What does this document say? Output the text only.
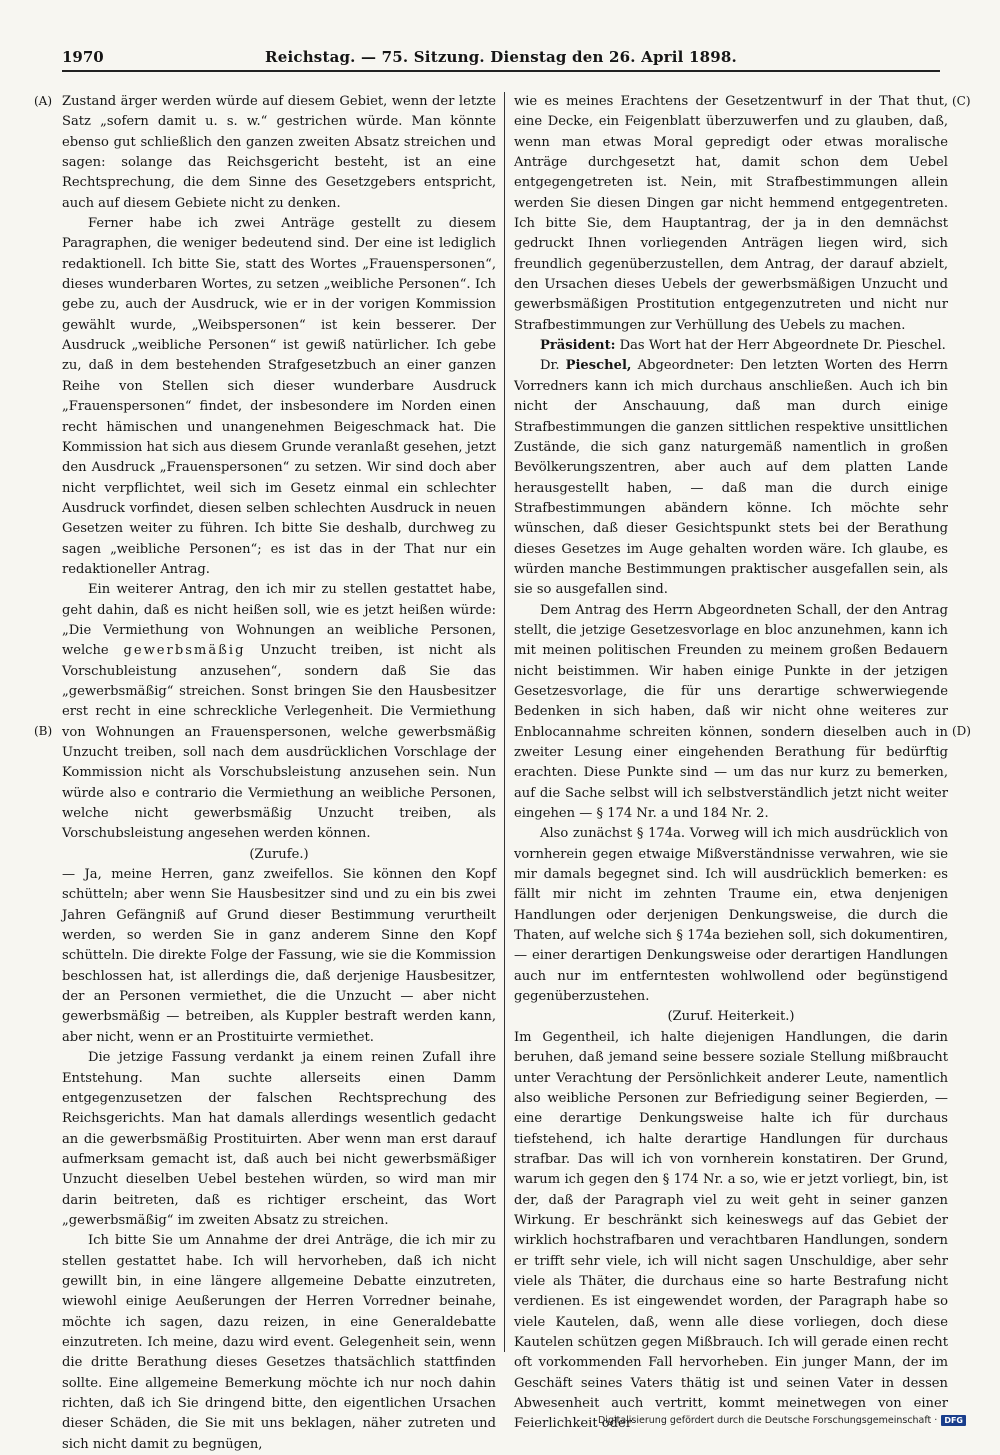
1970	Reichstag. — 75. Sitzung. Dienstag den 26. April 1898.
(A)
(B)
(C)
(D)

Zustand ärger werden würde auf diesem Gebiet, wenn der letzte Satz „sofern damit u. s. w.“ gestrichen würde. Man könnte ebenso gut schließlich den ganzen zweiten Absatz streichen und sagen: solange das Reichsgericht besteht, ist an eine Rechtsprechung, die dem Sinne des Gesetzgebers entspricht, auch auf diesem Gebiete nicht zu denken.

Ferner habe ich zwei Anträge gestellt zu diesem Paragraphen, die weniger bedeutend sind. Der eine ist lediglich redaktionell. Ich bitte Sie, statt des Wortes „Frauenspersonen“, dieses wunderbaren Wortes, zu setzen „weibliche Personen“. Ich gebe zu, auch der Ausdruck, wie er in der vorigen Kommission gewählt wurde, „Weibspersonen“ ist kein besserer. Der Ausdruck „weibliche Personen“ ist gewiß natürlicher. Ich gebe zu, daß in dem bestehenden Strafgesetzbuch an einer ganzen Reihe von Stellen sich dieser wunderbare Ausdruck „Frauenspersonen“ findet, der insbesondere im Norden einen recht hämischen und unangenehmen Beigeschmack hat. Die Kommission hat sich aus diesem Grunde veranlaßt gesehen, jetzt den Ausdruck „Frauenspersonen“ zu setzen. Wir sind doch aber nicht verpflichtet, weil sich im Gesetz einmal ein schlechter Ausdruck vorfindet, diesen selben schlechten Ausdruck in neuen Gesetzen weiter zu führen. Ich bitte Sie deshalb, durchweg zu sagen „weibliche Personen“; es ist das in der That nur ein redaktioneller Antrag.

Ein weiterer Antrag, den ich mir zu stellen gestattet habe, geht dahin, daß es nicht heißen soll, wie es jetzt heißen würde: „Die Vermiethung von Wohnungen an weibliche Personen, welche gewerbsmäßig Unzucht treiben, ist nicht als Vorschubleistung anzusehen“, sondern daß Sie das „gewerbsmäßig“ streichen. Sonst bringen Sie den Hausbesitzer erst recht in eine schreckliche Verlegenheit. Die Vermiethung von Wohnungen an Frauenspersonen, welche gewerbsmäßig Unzucht treiben, soll nach dem ausdrücklichen Vorschlage der Kommission nicht als Vorschubsleistung anzusehen sein. Nun würde also e contrario die Vermiethung an weibliche Personen, welche nicht gewerbsmäßig Unzucht treiben, als Vorschubsleistung angesehen werden können.

(Zurufe.)

— Ja, meine Herren, ganz zweifellos. Sie können den Kopf schütteln; aber wenn Sie Hausbesitzer sind und zu ein bis zwei Jahren Gefängniß auf Grund dieser Bestimmung verurtheilt werden, so werden Sie in ganz anderem Sinne den Kopf schütteln. Die direkte Folge der Fassung, wie sie die Kommission beschlossen hat, ist allerdings die, daß derjenige Hausbesitzer, der an Personen vermiethet, die die Unzucht — aber nicht gewerbsmäßig — betreiben, als Kuppler bestraft werden kann, aber nicht, wenn er an Prostituirte vermiethet.

Die jetzige Fassung verdankt ja einem reinen Zufall ihre Entstehung. Man suchte allerseits einen Damm entgegenzusetzen der falschen Rechtsprechung des Reichsgerichts. Man hat damals allerdings wesentlich gedacht an die gewerbsmäßig Prostituirten. Aber wenn man erst darauf aufmerksam gemacht ist, daß auch bei nicht gewerbsmäßiger Unzucht dieselben Uebel bestehen würden, so wird man mir darin beitreten, daß es richtiger erscheint, das Wort „gewerbsmäßig“ im zweiten Absatz zu streichen.

Ich bitte Sie um Annahme der drei Anträge, die ich mir zu stellen gestattet habe. Ich will hervorheben, daß ich nicht gewillt bin, in eine längere allgemeine Debatte einzutreten, wiewohl einige Aeußerungen der Herren Vorredner beinahe, möchte ich sagen, dazu reizen, in eine Generaldebatte einzutreten. Ich meine, dazu wird event. Gelegenheit sein, wenn die dritte Berathung dieses Gesetzes thatsächlich stattfinden sollte. Eine allgemeine Bemerkung möchte ich nur noch dahin richten, daß ich Sie dringend bitte, den eigentlichen Ursachen dieser Schäden, die Sie mit uns beklagen, näher zutreten und sich nicht damit zu begnügen,

wie es meines Erachtens der Gesetzentwurf in der That thut, eine Decke, ein Feigenblatt überzuwerfen und zu glauben, daß, wenn man etwas Moral gepredigt oder etwas moralische Anträge durchgesetzt hat, damit schon dem Uebel entgegengetreten ist. Nein, mit Strafbestimmungen allein werden Sie diesen Dingen gar nicht hemmend entgegentreten. Ich bitte Sie, dem Hauptantrag, der ja in den demnächst gedruckt Ihnen vorliegenden Anträgen liegen wird, sich freundlich gegenüberzustellen, dem Antrag, der darauf abzielt, den Ursachen dieses Uebels der gewerbsmäßigen Unzucht und gewerbsmäßigen Prostitution entgegenzutreten und nicht nur Strafbestimmungen zur Verhüllung des Uebels zu machen.

Präsident: Das Wort hat der Herr Abgeordnete Dr. Pieschel.

Dr. Pieschel, Abgeordneter: Den letzten Worten des Herrn Vorredners kann ich mich durchaus anschließen. Auch ich bin nicht der Anschauung, daß man durch einige Strafbestimmungen die ganzen sittlichen respektive unsittlichen Zustände, die sich ganz naturgemäß namentlich in großen Bevölkerungszentren, aber auch auf dem platten Lande herausgestellt haben, — daß man die durch einige Strafbestimmungen abändern könne. Ich möchte sehr wünschen, daß dieser Gesichtspunkt stets bei der Berathung dieses Gesetzes im Auge gehalten worden wäre. Ich glaube, es würden manche Bestimmungen praktischer ausgefallen sein, als sie so ausgefallen sind.

Dem Antrag des Herrn Abgeordneten Schall, der den Antrag stellt, die jetzige Gesetzesvorlage en bloc anzunehmen, kann ich mit meinen politischen Freunden zu meinem großen Bedauern nicht beistimmen. Wir haben einige Punkte in der jetzigen Gesetzesvorlage, die für uns derartige schwerwiegende Bedenken in sich haben, daß wir nicht ohne weiteres zur Enblocannahme schreiten können, sondern dieselben auch in zweiter Lesung einer eingehenden Berathung für bedürftig erachten. Diese Punkte sind — um das nur kurz zu bemerken, auf die Sache selbst will ich selbstverständlich jetzt nicht weiter eingehen — § 174 Nr. a und 184 Nr. 2.

Also zunächst § 174a. Vorweg will ich mich ausdrücklich von vornherein gegen etwaige Mißverständnisse verwahren, wie sie mir damals begegnet sind. Ich will ausdrücklich bemerken: es fällt mir nicht im zehnten Traume ein, etwa denjenigen Handlungen oder derjenigen Denkungsweise, die durch die Thaten, auf welche sich § 174a beziehen soll, sich dokumentiren, — einer derartigen Denkungsweise oder derartigen Handlungen auch nur im entferntesten wohlwollend oder begünstigend gegenüberzustehen.

(Zuruf. Heiterkeit.)

Im Gegentheil, ich halte diejenigen Handlungen, die darin beruhen, daß jemand seine bessere soziale Stellung mißbraucht unter Verachtung der Persönlichkeit anderer Leute, namentlich also weibliche Personen zur Befriedigung seiner Begierden, — eine derartige Denkungsweise halte ich für durchaus tiefstehend, ich halte derartige Handlungen für durchaus strafbar. Das will ich von vornherein konstatiren. Der Grund, warum ich gegen den § 174 Nr. a so, wie er jetzt vorliegt, bin, ist der, daß der Paragraph viel zu weit geht in seiner ganzen Wirkung. Er beschränkt sich keineswegs auf das Gebiet der wirklich hochstrafbaren und verachtbaren Handlungen, sondern er trifft sehr viele, ich will nicht sagen Unschuldige, aber sehr viele als Thäter, die durchaus eine so harte Bestrafung nicht verdienen. Es ist eingewendet worden, der Paragraph habe so viele Kautelen, daß, wenn alle diese vorliegen, doch diese Kautelen schützen gegen Mißbrauch. Ich will gerade einen recht oft vorkommenden Fall hervorheben. Ein junger Mann, der im Geschäft seines Vaters thätig ist und seinen Vater in dessen Abwesenheit auch vertritt, kommt meinetwegen von einer Feierlichkeit oder

Digitalisierung gefördert durch die Deutsche Forschungsgemeinschaft · DFG
